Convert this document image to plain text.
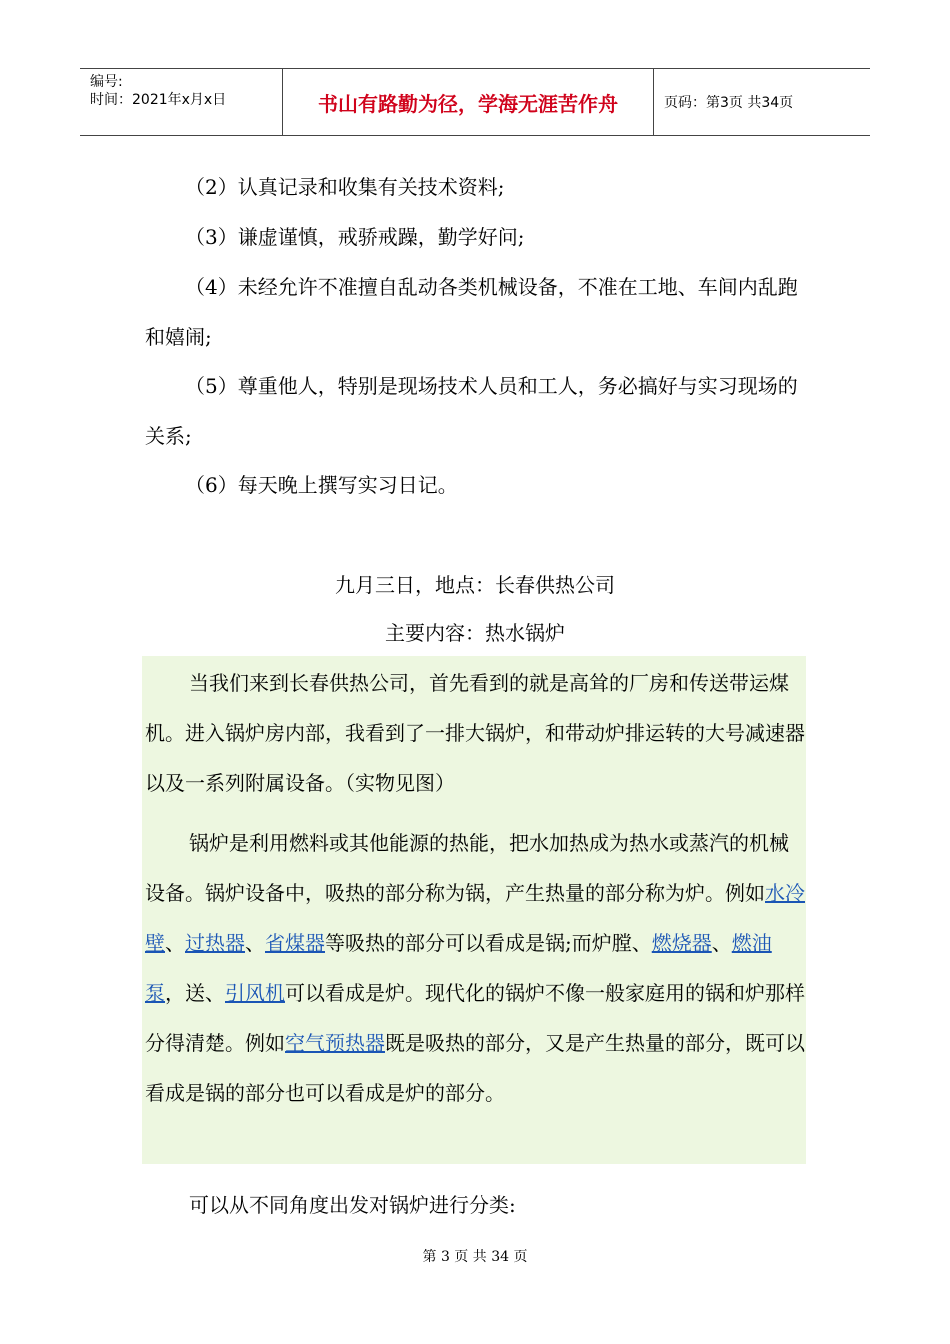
编号:
时间：2021年x月x日	书山有路勤为径，学海无涯苦作舟	页码：第3页 共34页

（2）认真记录和收集有关技术资料;

（3）谦虚谨慎，戒骄戒躁，勤学好问;

（4）未经允许不准擅自乱动各类机械设备，不准在工地、车间内乱跑和嬉闹;

（5）尊重他人，特别是现场技术人员和工人，务必搞好与实习现场的关系;

（6）每天晚上撰写实习日记。

九月三日，地点：长春供热公司
主要内容：热水锅炉

当我们来到长春供热公司，首先看到的就是高耸的厂房和传送带运煤机。进入锅炉房内部，我看到了一排大锅炉，和带动炉排运转的大号减速器以及一系列附属设备。（实物见图）

锅炉是利用燃料或其他能源的热能，把水加热成为热水或蒸汽的机械设备。锅炉设备中，吸热的部分称为锅，产生热量的部分称为炉。例如水冷壁、过热器、省煤器等吸热的部分可以看成是锅;而炉膛、燃烧器、燃油泵，送、引风机可以看成是炉。现代化的锅炉不像一般家庭用的锅和炉那样分得清楚。例如空气预热器既是吸热的部分，又是产生热量的部分，既可以看成是锅的部分也可以看成是炉的部分。

可以从不同角度出发对锅炉进行分类:

第 3 页 共 34 页
